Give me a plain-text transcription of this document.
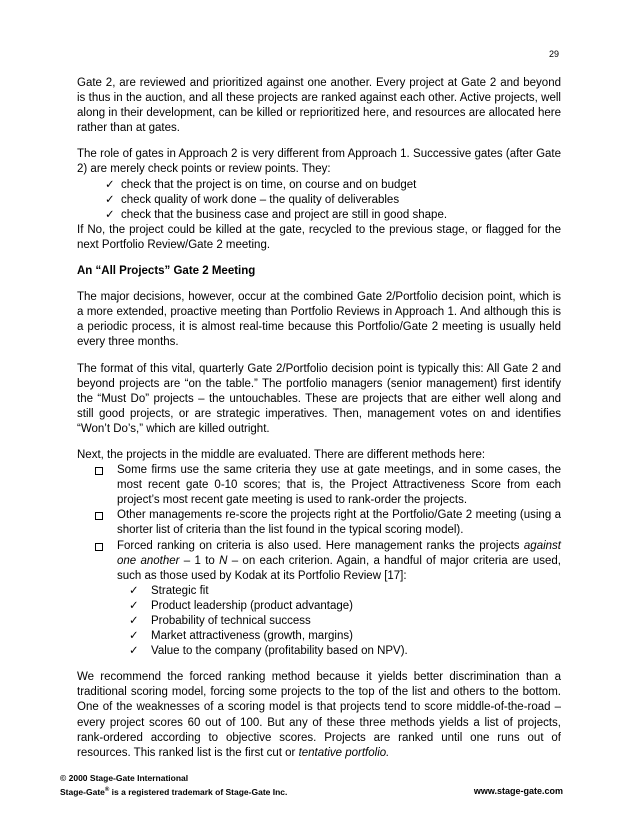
29

Gate 2, are reviewed and prioritized against one another. Every project at Gate 2 and beyond is thus in the auction, and all these projects are ranked against each other. Active projects, well along in their development, can be killed or reprioritized here, and resources are allocated here rather than at gates.

The role of gates in Approach 2 is very different from Approach 1. Successive gates (after Gate 2) are merely check points or review points. They:

✓ check that the project is on time, on course and on budget
✓ check quality of work done – the quality of deliverables
✓ check that the business case and project are still in good shape.

If No, the project could be killed at the gate, recycled to the previous stage, or flagged for the next Portfolio Review/Gate 2 meeting.

An “All Projects” Gate 2 Meeting

The major decisions, however, occur at the combined Gate 2/Portfolio decision point, which is a more extended, proactive meeting than Portfolio Reviews in Approach 1. And although this is a periodic process, it is almost real-time because this Portfolio/Gate 2 meeting is usually held every three months.

The format of this vital, quarterly Gate 2/Portfolio decision point is typically this: All Gate 2 and beyond projects are “on the table.” The portfolio managers (senior management) first identify the “Must Do” projects – the untouchables. These are projects that are either well along and still good projects, or are strategic imperatives. Then, management votes on and identifies “Won’t Do’s,” which are killed outright.

Next, the projects in the middle are evaluated. There are different methods here:

Some firms use the same criteria they use at gate meetings, and in some cases, the most recent gate 0-10 scores; that is, the Project Attractiveness Score from each project’s most recent gate meeting is used to rank-order the projects.
Other managements re-score the projects right at the Portfolio/Gate 2 meeting (using a shorter list of criteria than the list found in the typical scoring model).
Forced ranking on criteria is also used. Here management ranks the projects against one another – 1 to N – on each criterion. Again, a handful of major criteria are used, such as those used by Kodak at its Portfolio Review [17]:
✓ Strategic fit
✓ Product leadership (product advantage)
✓ Probability of technical success
✓ Market attractiveness (growth, margins)
✓ Value to the company (profitability based on NPV).

We recommend the forced ranking method because it yields better discrimination than a traditional scoring model, forcing some projects to the top of the list and others to the bottom. One of the weaknesses of a scoring model is that projects tend to score middle-of-the-road – every project scores 60 out of 100. But any of these three methods yields a list of projects, rank-ordered according to objective scores. Projects are ranked until one runs out of resources. This ranked list is the first cut or tentative portfolio.

© 2000 Stage-Gate International
Stage-Gate® is a registered trademark of Stage-Gate Inc.	www.stage-gate.com
